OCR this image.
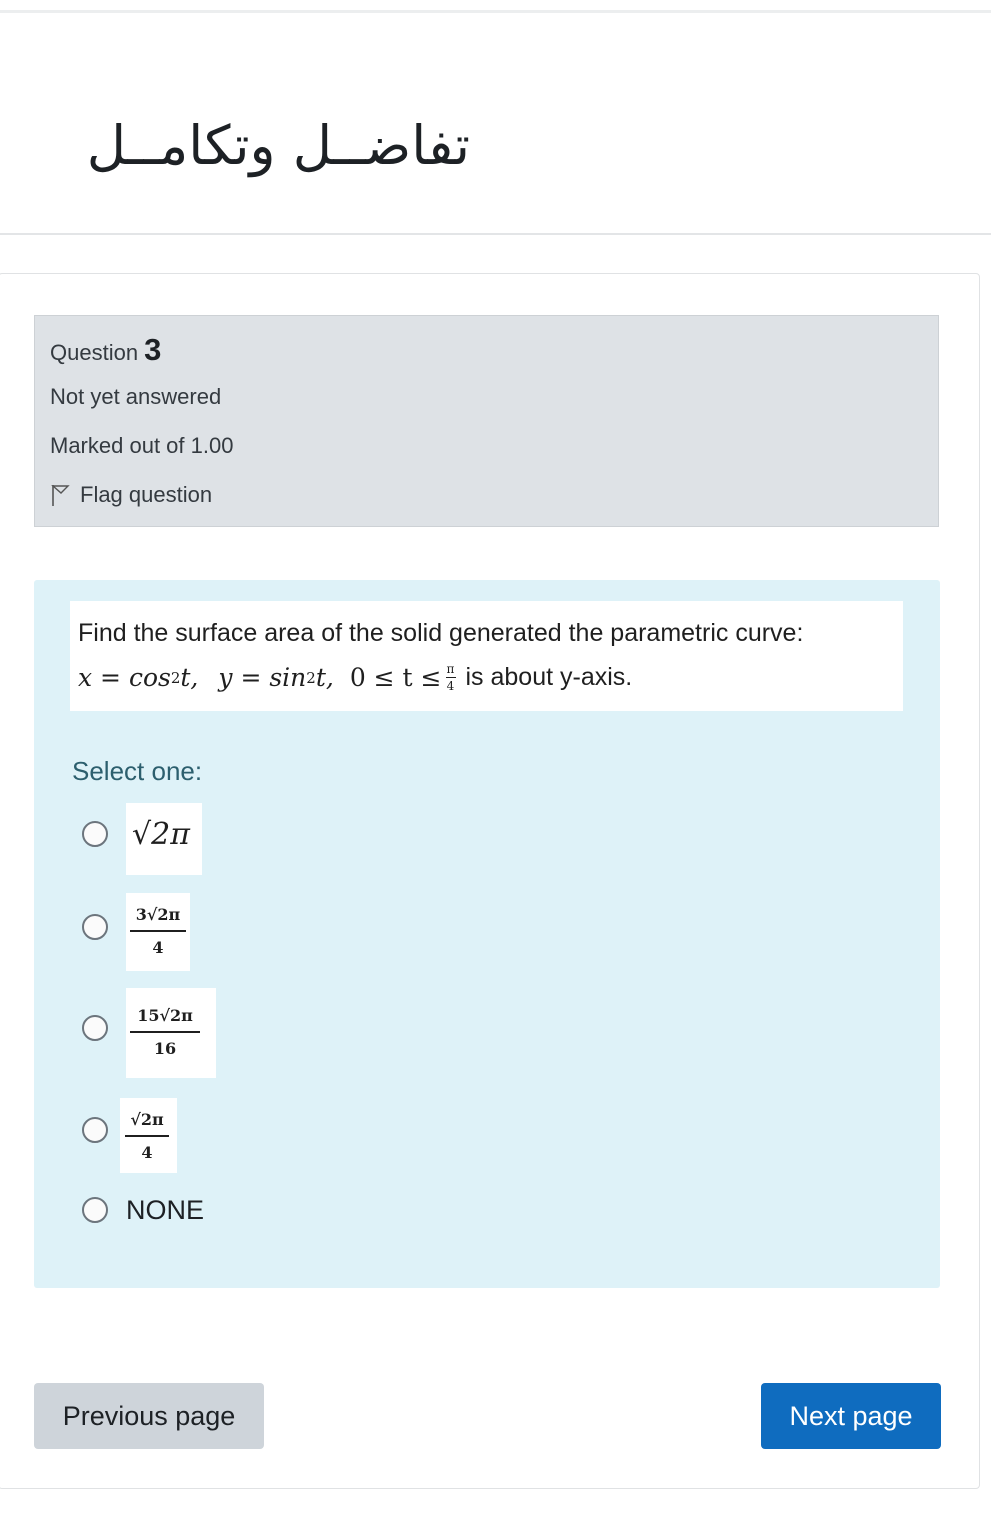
تفاضــل وتكامــل
Question 3
Not yet answered
Marked out of 1.00
Flag question
Find the surface area of the solid generated the parametric curve:
x = cos 2 t, y = sin 2 t, 0 ≤ t ≤ π
4 is about y-axis.
Select one:
√2π
3√2π
4
15√2π
16
√2π
4
NONE
Previous page	Next page
